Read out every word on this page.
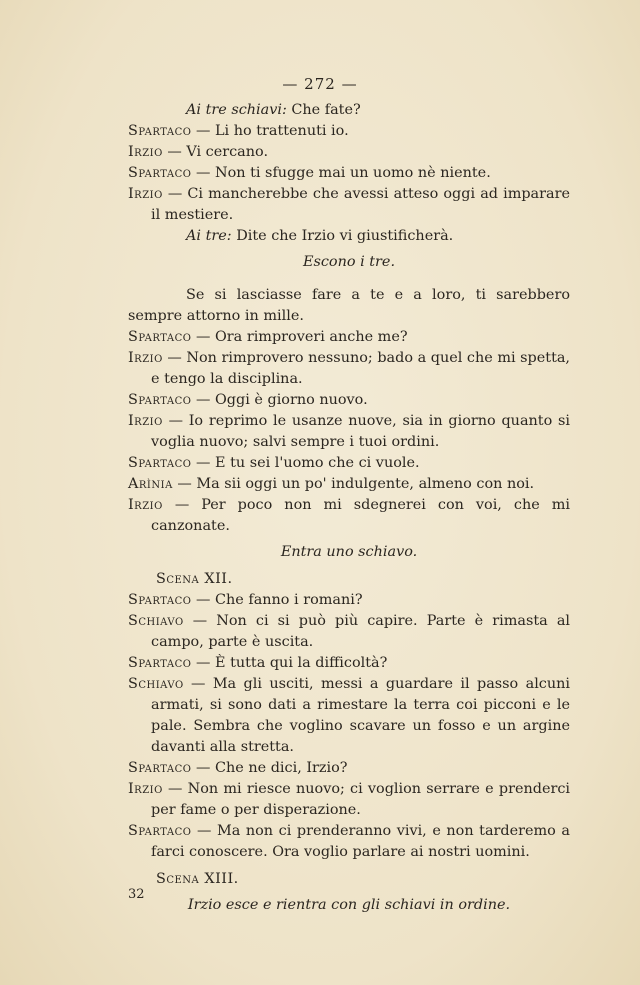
— 272 —

Ai tre schiavi: Che fate?

Spartaco — Li ho trattenuti io.

Irzio — Vi cercano.

Spartaco — Non ti sfugge mai un uomo nè niente.

Irzio — Ci mancherebbe che avessi atteso oggi ad imparare il mestiere.

Ai tre: Dite che Irzio vi giustificherà.

Escono i tre.

Se si lasciasse fare a te e a loro, ti sarebbero sempre attorno in mille.

Spartaco — Ora rimproveri anche me?

Irzio — Non rimprovero nessuno; bado a quel che mi spetta, e tengo la disciplina.

Spartaco — Oggi è giorno nuovo.

Irzio — Io reprimo le usanze nuove, sia in giorno quanto si voglia nuovo; salvi sempre i tuoi ordini.

Spartaco — E tu sei l'uomo che ci vuole.

Arìnia — Ma sii oggi un po' indulgente, almeno con noi.

Irzio — Per poco non mi sdegnerei con voi, che mi canzonate.

Entra uno schiavo.

Scena XII.

Spartaco — Che fanno i romani?

Schiavo — Non ci si può più capire. Parte è rimasta al campo, parte è uscita.

Spartaco — È tutta qui la difficoltà?

Schiavo — Ma gli usciti, messi a guardare il passo alcuni armati, si sono dati a rimestare la terra coi picconi e le pale. Sembra che voglino scavare un fosso e un argine davanti alla stretta.

Spartaco — Che ne dici, Irzio?

Irzio — Non mi riesce nuovo; ci voglion serrare e prenderci per fame o per disperazione.

Spartaco — Ma non ci prenderanno vivi, e non tarderemo a farci conoscere. Ora voglio parlare ai nostri uomini.

Scena XIII.

Irzio esce e rientra con gli schiavi in ordine.

32
